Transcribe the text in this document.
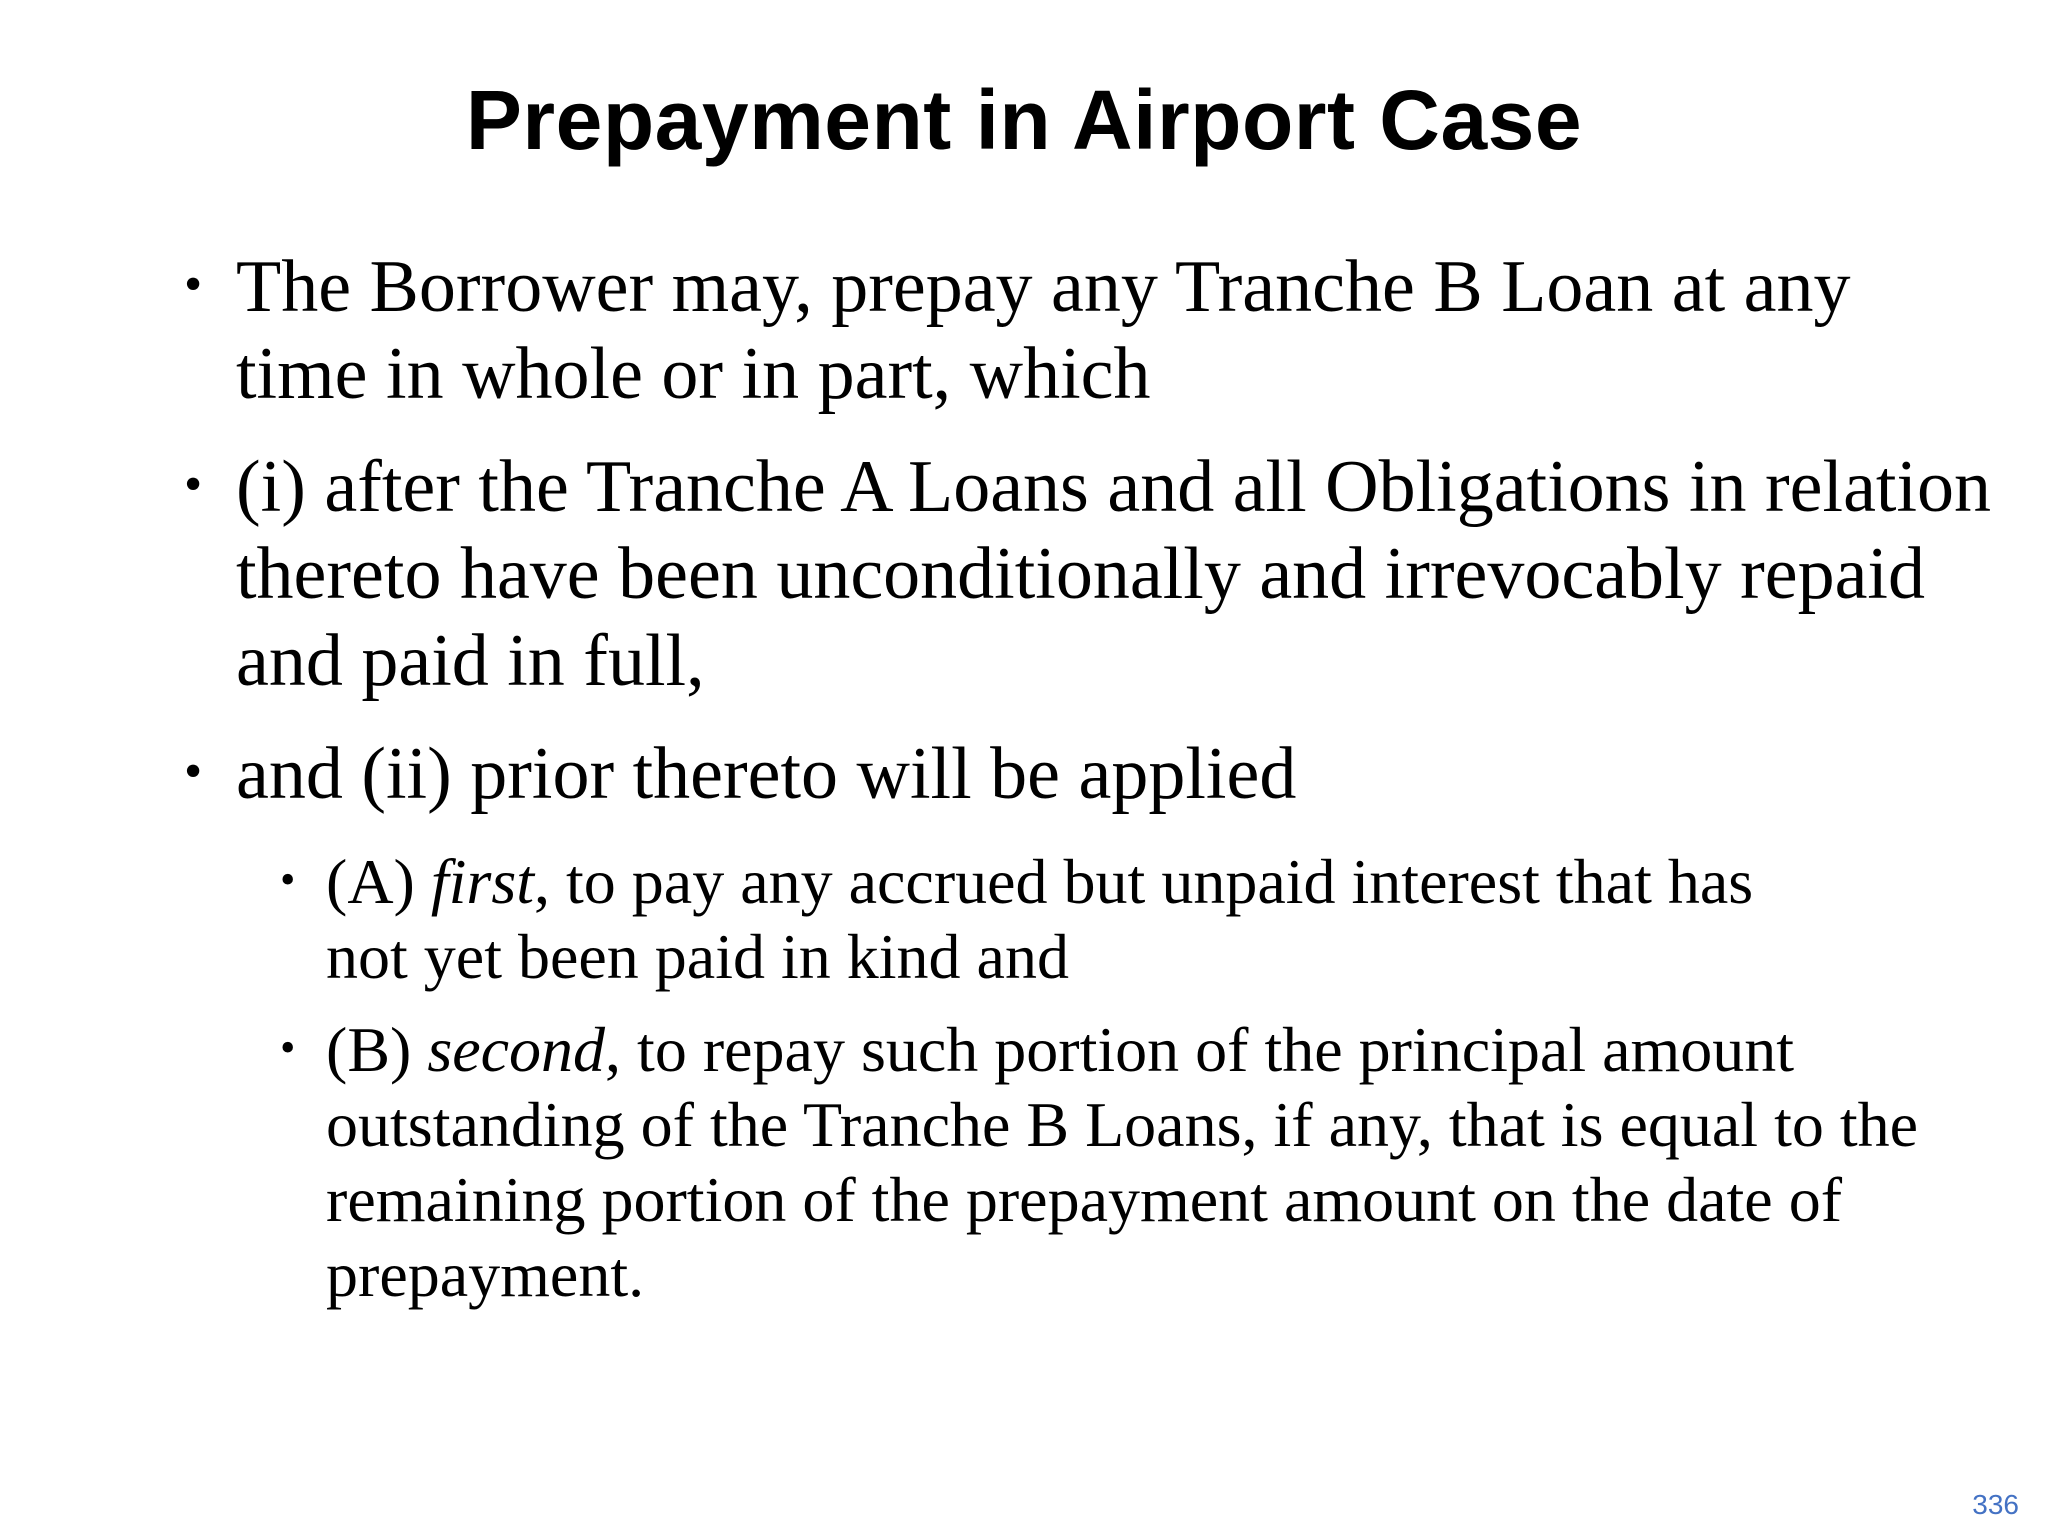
Prepayment in Airport Case
• The Borrower may, prepay any Tranche B Loan at any time in whole or in part, which
• (i) after the Tranche A Loans and all Obligations in relation thereto have been unconditionally and irrevocably repaid and paid in full,
• and (ii) prior thereto will be applied
• (A) first, to pay any accrued but unpaid interest that has not yet been paid in kind and
• (B) second, to repay such portion of the principal amount outstanding of the Tranche B Loans, if any, that is equal to the remaining portion of the prepayment amount on the date of prepayment.
336
